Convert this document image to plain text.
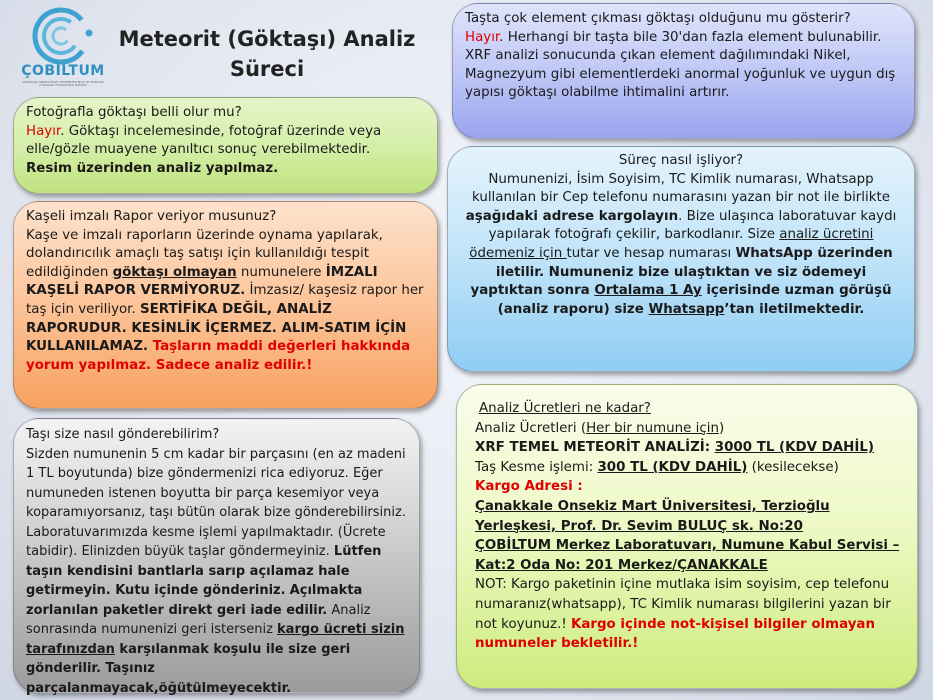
ÇOBİLTUM
ÇANAKKALE ONSEKİZ MART ÜNİVERSİTESİ BİLİM VE TEKNOLOJİ UYGULAMA VE ARAŞTIRMA MERKEZİ
Meteorit (Göktaşı) Analiz
Süreci

Fotoğrafla göktaşı belli olur mu?

Hayır. Göktaşı incelemesinde, fotoğraf üzerinde veya elle/gözle muayene yanıltıcı sonuç verebilmektedir.

Resim üzerinden analiz yapılmaz.

Kaşeli imzalı Rapor veriyor musunuz?

Kaşe ve imzalı raporların üzerinde oynama yapılarak, dolandırıcılık amaçlı taş satışı için kullanıldığı tespit edildiğinden göktaşı olmayan numunelere İMZALI KAŞELİ RAPOR VERMİYORUZ. İmzasız/ kaşesiz rapor her taş için veriliyor. SERTİFİKA DEĞİL, ANALİZ RAPORUDUR. KESİNLİK İÇERMEZ. ALIM-SATIM İÇİN KULLANILAMAZ. Taşların maddi değerleri hakkında yorum yapılmaz. Sadece analiz edilir.!

Taşı size nasıl gönderebilirim?

Sizden numunenin 5 cm kadar bir parçasını (en az madeni 1 TL boyutunda) bize göndermenizi rica ediyoruz. Eğer numuneden istenen boyutta bir parça kesemiyor veya koparamıyorsanız, taşı bütün olarak bize gönderebilirsiniz. Laboratuvarımızda kesme işlemi yapılmaktadır. (Ücrete tabidir). Elinizden büyük taşlar göndermeyiniz. Lütfen taşın kendisini bantlarla sarıp açılamaz hale getirmeyin. Kutu içinde gönderiniz. Açılmakta zorlanılan paketler direkt geri iade edilir. Analiz sonrasında numunenizi geri isterseniz kargo ücreti sizin tarafınızdan karşılanmak koşulu ile size geri gönderilir. Taşınız parçalanmayacak,öğütülmeyecektir.

Taşta çok element çıkması göktaşı olduğunu mu gösterir?

Hayır. Herhangi bir taşta bile 30'dan fazla element bulunabilir. XRF analizi sonucunda çıkan element dağılımındaki Nikel, Magnezyum gibi elementlerdeki anormal yoğunluk ve uygun dış yapısı göktaşı olabilme ihtimalini artırır.

Süreç nasıl işliyor?

Numunenizi, İsim Soyisim, TC Kimlik numarası, Whatsapp kullanılan bir Cep telefonu numarasını yazan bir not ile birlikte aşağıdaki adrese kargolayın. Bize ulaşınca laboratuvar kaydı yapılarak fotoğrafı çekilir, barkodlanır. Size analiz ücretini ödemeniz için tutar ve hesap numarası WhatsApp üzerinden iletilir. Numuneniz bize ulaştıktan ve siz ödemeyi yaptıktan sonra Ortalama 1 Ay içerisinde uzman görüşü (analiz raporu) size Whatsapp’tan iletilmektedir.

Analiz Ücretleri ne kadar?

Analiz Ücretleri (Her bir numune için)

XRF TEMEL METEORİT ANALİZİ: 3000 TL (KDV DAHİL)

Taş Kesme işlemi: 300 TL (KDV DAHİL) (kesilecekse)

Kargo Adresi :

Çanakkale Onsekiz Mart Üniversitesi, Terzioğlu Yerleşkesi, Prof. Dr. Sevim BULUÇ sk. No:20

ÇOBİLTUM Merkez Laboratuvarı, Numune Kabul Servisi – Kat:2 Oda No: 201 Merkez/ÇANAKKALE

NOT: Kargo paketinin içine mutlaka isim soyisim, cep telefonu numaranız(whatsapp), TC Kimlik numarası bilgilerini yazan bir not koyunuz.! Kargo içinde not-kişisel bilgiler olmayan numuneler bekletilir.!
